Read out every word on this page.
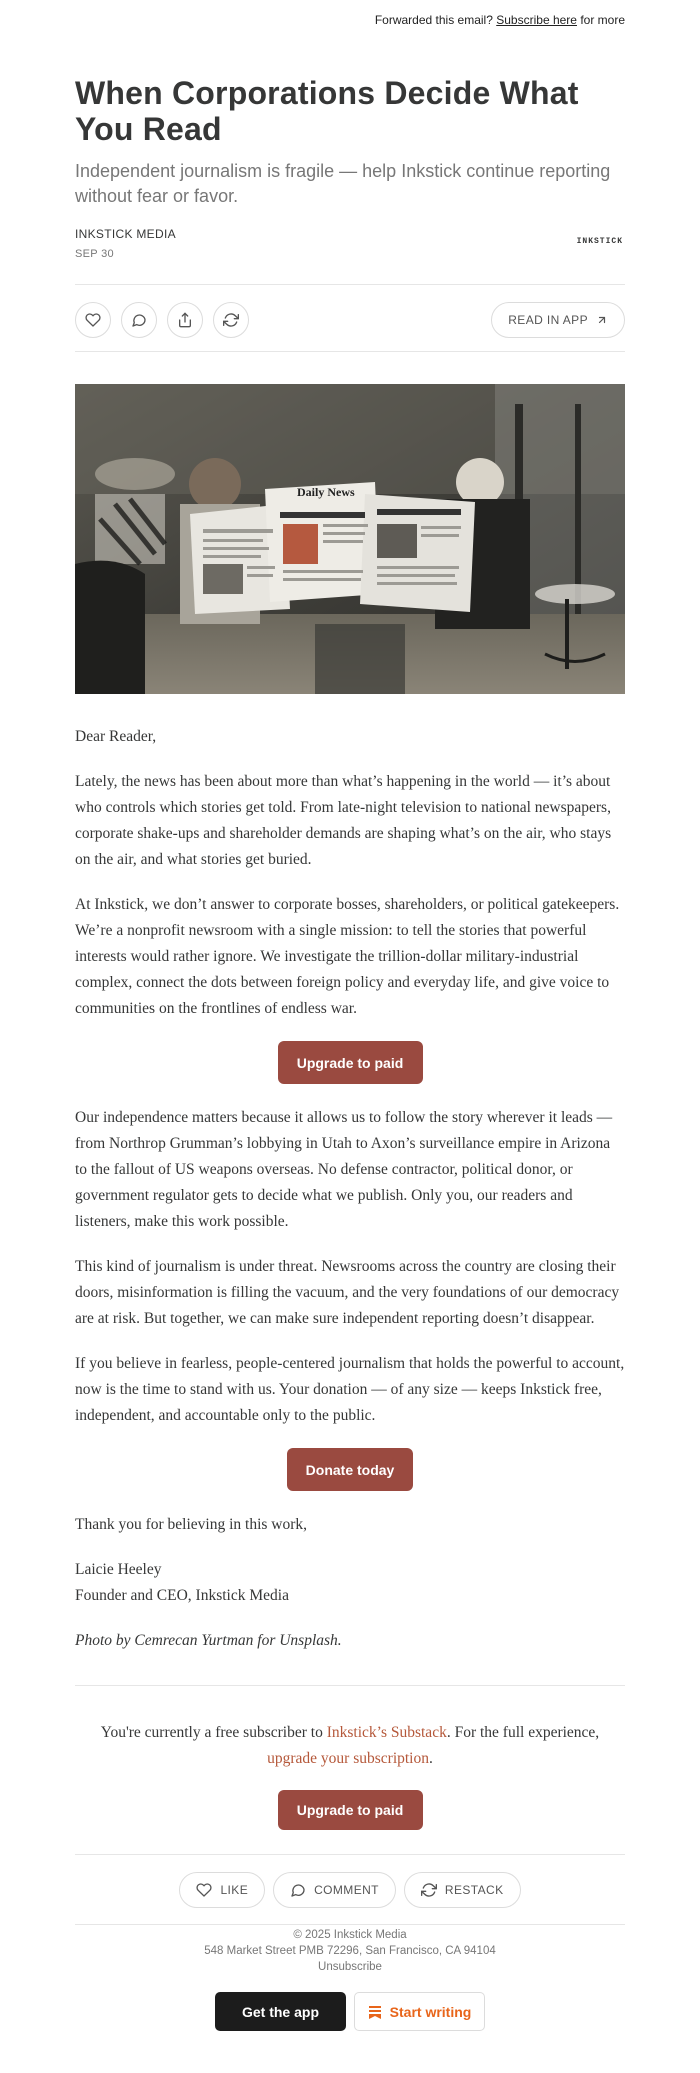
Forwarded this email? Subscribe here for more
When Corporations Decide What You Read
Independent journalism is fragile — help Inkstick continue reporting without fear or favor.
INKSTICK MEDIA
SEP 30
INKSTICK
READ IN APP
Daily News

Dear Reader,

Lately, the news has been about more than what’s happening in the world — it’s about who controls which stories get told. From late-night television to national newspapers, corporate shake-ups and shareholder demands are shaping what’s on the air, who stays on the air, and what stories get buried.

At Inkstick, we don’t answer to corporate bosses, shareholders, or political gatekeepers. We’re a nonprofit newsroom with a single mission: to tell the stories that powerful interests would rather ignore. We investigate the trillion-dollar military-industrial complex, connect the dots between foreign policy and everyday life, and give voice to communities on the frontlines of endless war.

Upgrade to paid

Our independence matters because it allows us to follow the story wherever it leads — from Northrop Grumman’s lobbying in Utah to Axon’s surveillance empire in Arizona to the fallout of US weapons overseas. No defense contractor, political donor, or government regulator gets to decide what we publish. Only you, our readers and listeners, make this work possible.

This kind of journalism is under threat. Newsrooms across the country are closing their doors, misinformation is filling the vacuum, and the very foundations of our democracy are at risk. But together, we can make sure independent reporting doesn’t disappear.

If you believe in fearless, people-centered journalism that holds the powerful to account, now is the time to stand with us. Your donation — of any size — keeps Inkstick free, independent, and accountable only to the public.

Donate today

Thank you for believing in this work,

Laicie Heeley
Founder and CEO, Inkstick Media

Photo by Cemrecan Yurtman for Unsplash.

You're currently a free subscriber to Inkstick’s Substack. For the full experience, upgrade your subscription.
Upgrade to paid
LIKE	COMMENT	RESTACK
© 2025 Inkstick Media
548 Market Street PMB 72296, San Francisco, CA 94104
Unsubscribe
Get the app	Start writing
